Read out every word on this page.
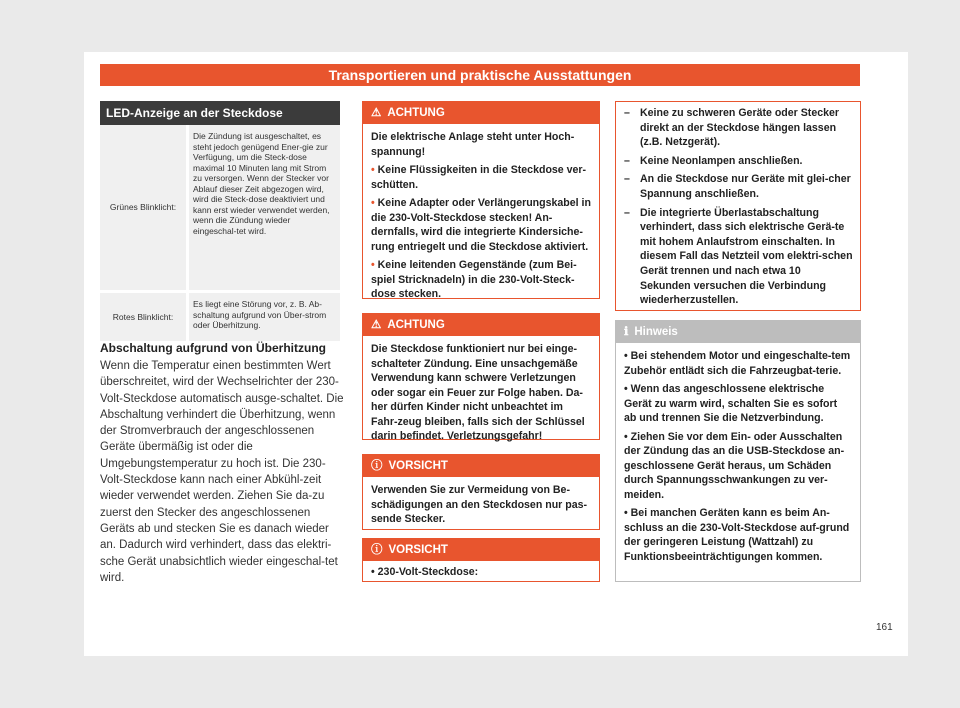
Transportieren und praktische Ausstattungen
LED-Anzeige an der Steckdose
Grünes Blinklicht:
Die Zündung ist ausgeschaltet, es steht jedoch genügend Ener-gie zur Verfügung, um die Steck-dose maximal 10 Minuten lang mit Strom zu versorgen. Wenn der Stecker vor Ablauf dieser Zeit abgezogen wird, wird die Steck-dose deaktiviert und kann erst wieder verwendet werden, wenn die Zündung wieder eingeschal-tet wird.
Rotes Blinklicht:
Es liegt eine Störung vor, z. B. Ab-schaltung aufgrund von Über-strom oder Überhitzung.
Abschaltung aufgrund von Überhitzung
Wenn die Temperatur einen bestimmten Wert überschreitet, wird der Wechselrichter der 230-Volt-Steckdose automatisch ausge-schaltet. Die Abschaltung verhindert die Überhitzung, wenn der Stromverbrauch der angeschlossenen Geräte übermäßig ist oder die Umgebungstemperatur zu hoch ist. Die 230-Volt-Steckdose kann nach einer Abkühl-zeit wieder verwendet werden. Ziehen Sie da-zu zuerst den Stecker des angeschlossenen Geräts ab und stecken Sie es danach wieder an. Dadurch wird verhindert, dass das elektri-sche Gerät unabsichtlich wieder eingeschal-tet wird.
⚠ ACHTUNG

Die elektrische Anlage steht unter Hoch-spannung!

• Keine Flüssigkeiten in die Steckdose ver-schütten.

• Keine Adapter oder Verlängerungskabel in die 230-Volt-Steckdose stecken! An-dernfalls, wird die integrierte Kindersiche-rung entriegelt und die Steckdose aktiviert.

• Keine leitenden Gegenstände (zum Bei-spiel Stricknadeln) in die 230-Volt-Steck-dose stecken.

⚠ ACHTUNG

Die Steckdose funktioniert nur bei einge-schalteter Zündung. Eine unsachgemäße Verwendung kann schwere Verletzungen oder sogar ein Feuer zur Folge haben. Da-her dürfen Kinder nicht unbeachtet im Fahr-zeug bleiben, falls sich der Schlüssel darin befindet. Verletzungsgefahr!

ⓘ VORSICHT

Verwenden Sie zur Vermeidung von Be-schädigungen an den Steckdosen nur pas-sende Stecker.

ⓘ VORSICHT

• 230-Volt-Steckdose:

– Keine zu schweren Geräte oder Stecker direkt an der Steckdose hängen lassen (z.B. Netzgerät).
– Keine Neonlampen anschließen.
– An die Steckdose nur Geräte mit glei-cher Spannung anschließen.
– Die integrierte Überlastabschaltung verhindert, dass sich elektrische Gerä-te mit hohem Anlaufstrom einschalten. In diesem Fall das Netzteil vom elektri-schen Gerät trennen und nach etwa 10 Sekunden versuchen die Verbindung wiederherzustellen.
ℹ Hinweis

• Bei stehendem Motor und eingeschalte-tem Zubehör entlädt sich die Fahrzeugbat-terie.

• Wenn das angeschlossene elektrische Gerät zu warm wird, schalten Sie es sofort ab und trennen Sie die Netzverbindung.

• Ziehen Sie vor dem Ein- oder Ausschalten der Zündung das an die USB-Steckdose an-geschlossene Gerät heraus, um Schäden durch Spannungsschwankungen zu ver-meiden.

• Bei manchen Geräten kann es beim An-schluss an die 230-Volt-Steckdose auf-grund der geringeren Leistung (Wattzahl) zu Funktionsbeeinträchtigungen kommen.

161
